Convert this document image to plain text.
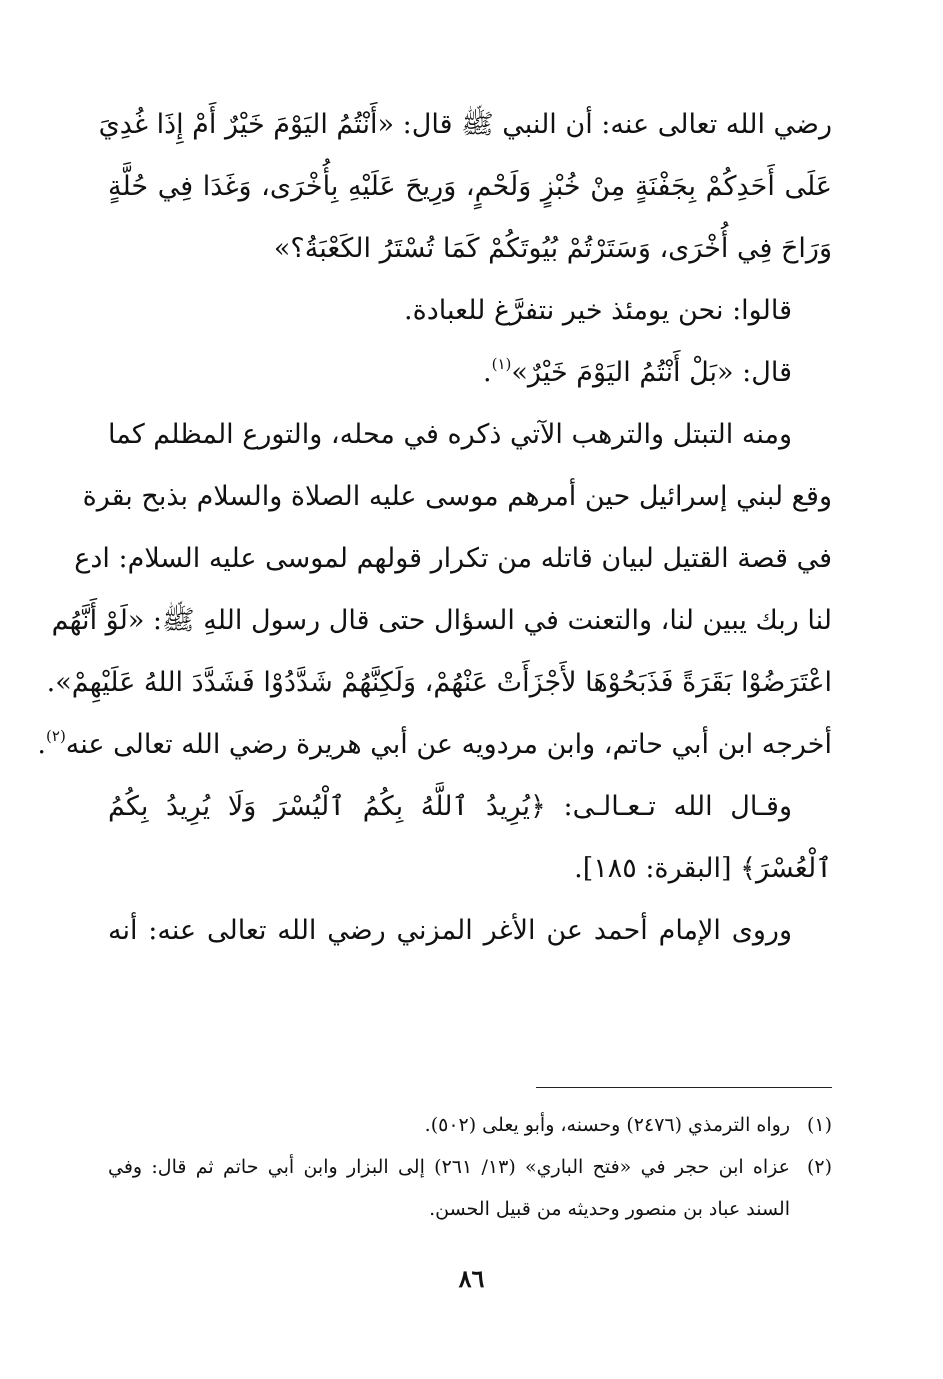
رضي الله تعالى عنه: أن النبي ﷺ قال: «أَنْتُمُ اليَوْمَ خَيْرٌ أَمْ إِذَا غُدِيَ
عَلَى أَحَدِكُمْ بِجَفْنَةٍ مِنْ خُبْزٍ وَلَحْمٍ، وَرِيحَ عَلَيْهِ بِأُخْرَى، وَغَدَا فِي حُلَّةٍ
وَرَاحَ فِي أُخْرَى، وَسَتَرْتُمْ بُيُوتَكُمْ كَمَا تُسْتَرُ الكَعْبَةُ؟»
قالوا: نحن يومئذ خير نتفرَّغ للعبادة.
قال: «بَلْ أَنْتُمُ اليَوْمَ خَيْرٌ»$^{(١)}$.
ومنه التبتل والترهب الآتي ذكره في محله، والتورع المظلم كما
وقع لبني إسرائيل حين أمرهم موسى عليه الصلاة والسلام بذبح بقرة
في قصة القتيل لبيان قاتله من تكرار قولهم لموسى عليه السلام: ادع
لنا ربك يبين لنا، والتعنت في السؤال حتى قال رسول اللهِ ﷺ: «لَوْ أَنَّهُم
اعْتَرَضُوْا بَقَرَةً فَذَبَحُوْهَا لأَجْزَأَتْ عَنْهُمْ، وَلَكِنَّهُمْ شَدَّدُوْا فَشَدَّدَ اللهُ عَلَيْهِمْ».
أخرجه ابن أبي حاتم، وابن مردويه عن أبي هريرة رضي الله تعالى عنه$^{(٢)}$.
وقـال الله تـعـالـى: ﴿يُرِيدُ ٱللَّهُ بِكُمُ ٱلْيُسْرَ وَلَا يُرِيدُ بِكُمُ
ٱلْعُسْرَ﴾ [البقرة: ١٨٥].
وروى الإمام أحمد عن الأغر المزني رضي الله تعالى عنه: أنه
(١)
رواه الترمذي (٢٤٧٦) وحسنه، وأبو يعلى (٥٠٢).
(٢)
عزاه ابن حجر في «فتح الباري» (١٣/ ٢٦١) إلى البزار وابن أبي حاتم ثم قال: وفي السند عباد بن منصور وحديثه من قبيل الحسن.
٨٦
